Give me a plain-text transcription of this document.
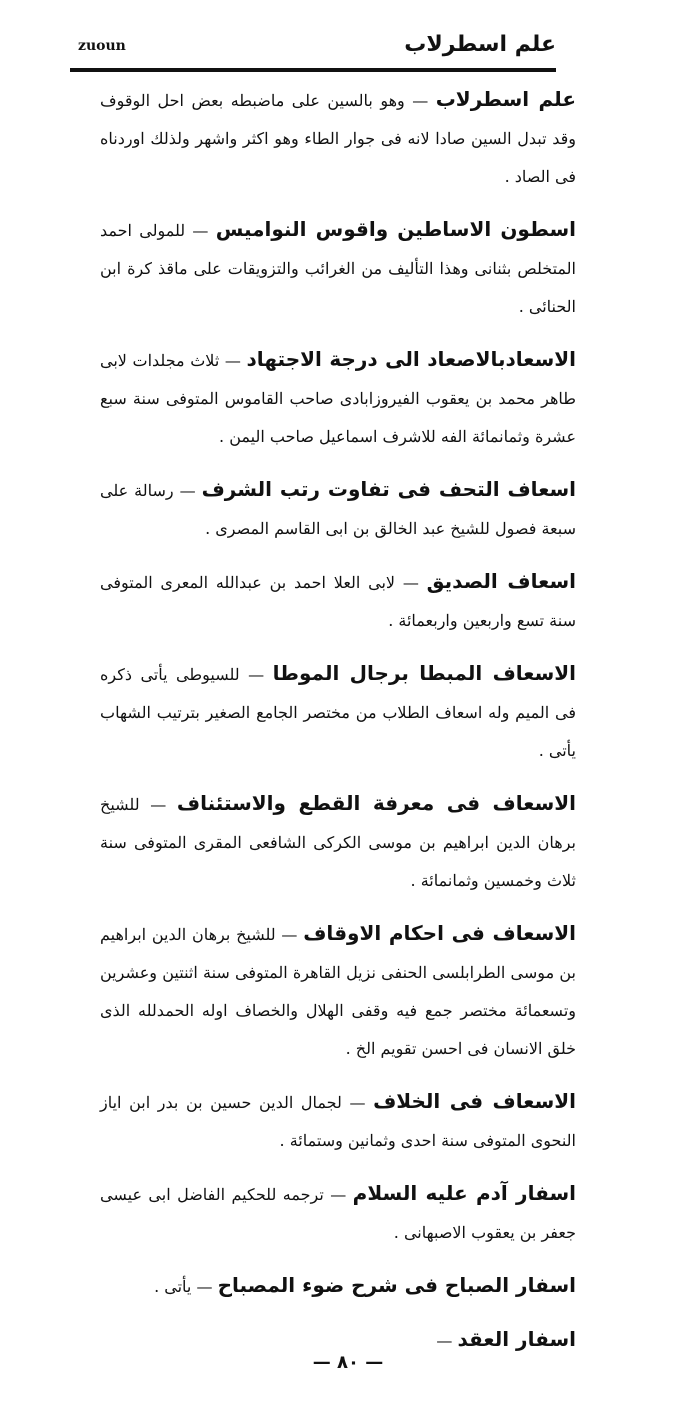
علم اسطرلاب
zuoun

علم اسطرلاب — وهو بالسين على ماضبطه بعض احل الوقوف وقد تبدل السين صادا لانه فى جوار الطاء وهو اكثر واشهر ولذلك اوردناه فى الصاد .

اسطون الاساطين واقوس النواميس — للمولى احمد المتخلص بثنانى وهذا التأليف من الغرائب والتزويقات على ماقذ كرة ابن الحنائى .

الاسعادبالاصعاد الى درجة الاجتهاد — ثلاث مجلدات لابى طاهر محمد بن يعقوب الفيروزابادى صاحب القاموس المتوفى سنة سبع عشرة وثمانمائة الفه للاشرف اسماعيل صاحب اليمن .

اسعاف التحف فى تفاوت رتب الشرف — رسالة على سبعة فصول للشيخ عبد الخالق بن ابى القاسم المصرى .

اسعاف الصديق — لابى العلا احمد بن عبدالله المعرى المتوفى سنة تسع واربعين واربعمائة .

الاسعاف المبطا برجال الموطا — للسيوطى يأتى ذكره فى الميم وله اسعاف الطلاب من مختصر الجامع الصغير بترتيب الشهاب يأتى .

الاسعاف فى معرفة القطع والاستئناف — للشيخ برهان الدين ابراهيم بن موسى الكركى الشافعى المقرى المتوفى سنة ثلاث وخمسين وثمانمائة .

الاسعاف فى احكام الاوقاف — للشيخ برهان الدين ابراهيم بن موسى الطرابلسى الحنفى نزيل القاهرة المتوفى سنة اثنتين وعشرين وتسعمائة مختصر جمع فيه وقفى الهلال والخصاف اوله الحمدلله الذى خلق الانسان فى احسن تقويم الخ .

الاسعاف فى الخلاف — لجمال الدين حسين بن بدر ابن اياز النحوى المتوفى سنة احدى وثمانين وستمائة .

اسفار آدم عليه السلام — ترجمه للحكيم الفاضل ابى عيسى جعفر بن يعقوب الاصبهانى .

اسفار الصباح فى شرح ضوء المصباح — يأتى .

اسفار العقد —

— ٨٠ —
